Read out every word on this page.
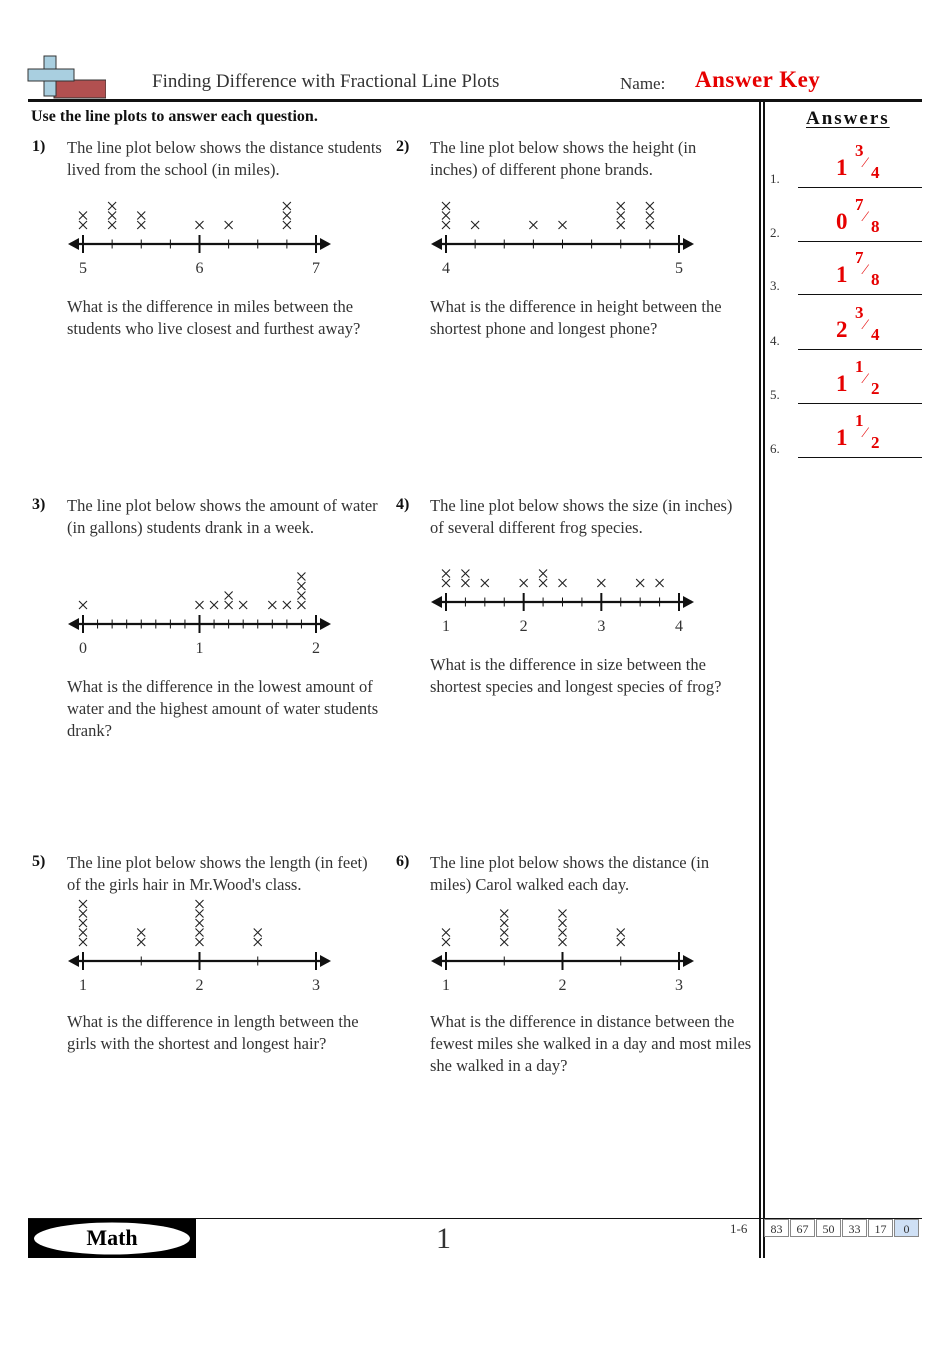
Finding Difference with Fractional Line Plots	Name: Answer Key
Use the line plots to answer each question.	Answers
1. 1
3
⁄ 4
2. 0
7
⁄ 8
3. 1
7
⁄ 8
4. 2
3
⁄ 4
5. 1
1
⁄ 2
6. 1
1
⁄ 2
1) The line plot below shows the distance students lived from the school (in miles).
What is the difference in miles between the students who live closest and furthest away?
5	6	7
2) The line plot below shows the height (in inches) of different phone brands.
What is the difference in height between the shortest phone and longest phone?
4	5
3) The line plot below shows the amount of water (in gallons) students drank in a week.
What is the difference in the lowest amount of water and the highest amount of water students drank?
0	1	2
4) The line plot below shows the size (in inches) of several different frog species.
What is the difference in size between the shortest species and longest species of frog?
1	2	3	4
5) The line plot below shows the length (in feet) of the girls hair in Mr.Wood's class.
What is the difference in length between the girls with the shortest and longest hair?
1	2	3
6) The line plot below shows the distance (in miles) Carol walked each day.
What is the difference in distance between the fewest miles she walked in a day and most miles she walked in a day?
1	2	3
Math	1	1-6	83	67	50	33	17	0
